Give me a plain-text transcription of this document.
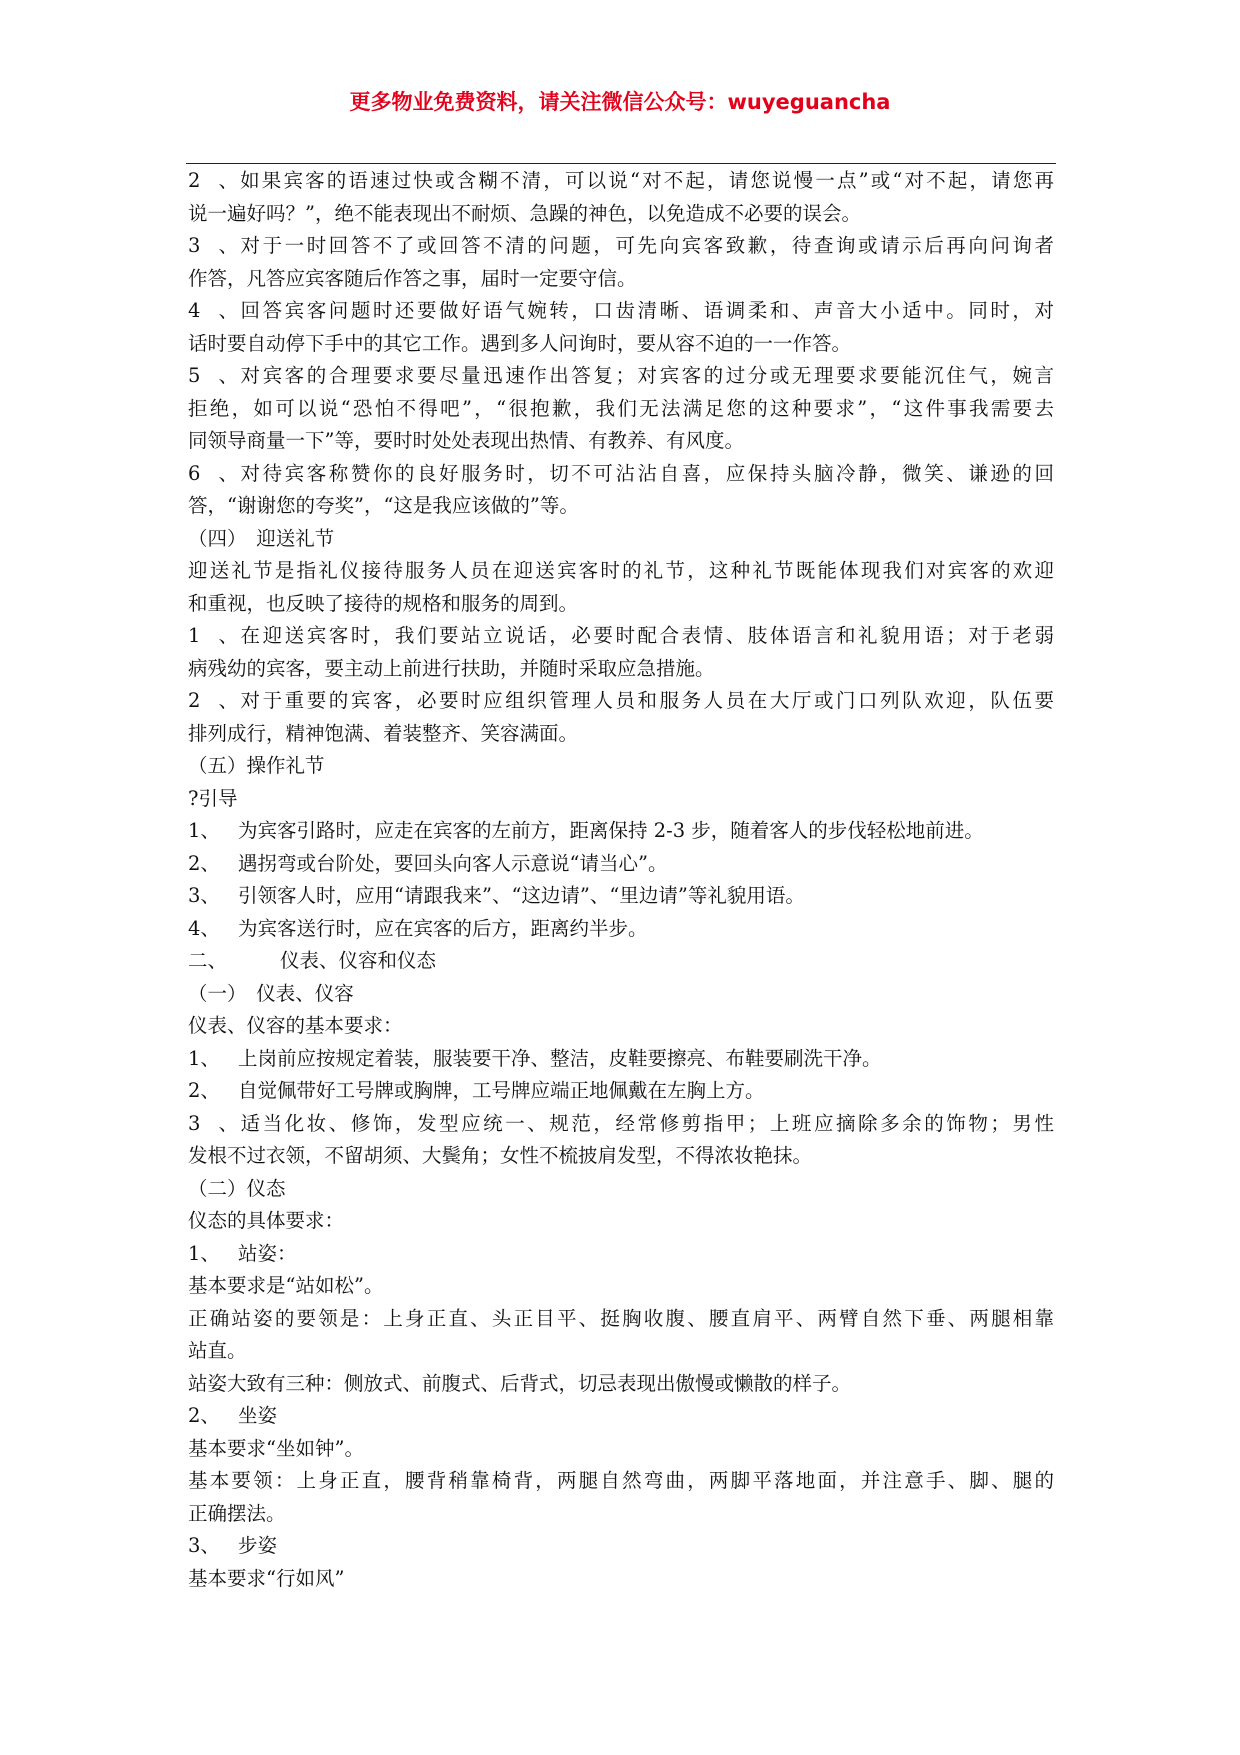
更多物业免费资料，请关注微信公众号：wuyeguancha
2、如果宾客的语速过快或含糊不清，可以说“对不起，请您说慢一点”或“对不起，请您再
说一遍好吗？”，绝不能表现出不耐烦、急躁的神色，以免造成不必要的误会。
3、对于一时回答不了或回答不清的问题，可先向宾客致歉，待查询或请示后再向问询者
作答，凡答应宾客随后作答之事，届时一定要守信。
4、回答宾客问题时还要做好语气婉转，口齿清晰、语调柔和、声音大小适中。同时，对
话时要自动停下手中的其它工作。遇到多人问询时，要从容不迫的一一作答。
5、对宾客的合理要求要尽量迅速作出答复；对宾客的过分或无理要求要能沉住气，婉言
拒绝，如可以说“恐怕不得吧”，“很抱歉，我们无法满足您的这种要求”，“这件事我需要去
同领导商量一下”等，要时时处处表现出热情、有教养、有风度。
6、对待宾客称赞你的良好服务时，切不可沾沾自喜，应保持头脑冷静，微笑、谦逊的回
答，“谢谢您的夸奖”，“这是我应该做的”等。
（四）　迎送礼节
迎送礼节是指礼仪接待服务人员在迎送宾客时的礼节，这种礼节既能体现我们对宾客的欢迎
和重视，也反映了接待的规格和服务的周到。
1、在迎送宾客时，我们要站立说话，必要时配合表情、肢体语言和礼貌用语；对于老弱
病残幼的宾客，要主动上前进行扶助，并随时采取应急措施。
2、对于重要的宾客，必要时应组织管理人员和服务人员在大厅或门口列队欢迎，队伍要
排列成行，精神饱满、着装整齐、笑容满面。
（五）操作礼节
?引导
1、 为宾客引路时，应走在宾客的左前方，距离保持 2-3 步，随着客人的步伐轻松地前进。
2、 遇拐弯或台阶处，要回头向客人示意说“请当心”。
3、 引领客人时，应用“请跟我来”、“这边请”、“里边请”等礼貌用语。
4、 为宾客送行时，应在宾客的后方，距离约半步。
二、	仪表、仪容和仪态
（一）　仪表、仪容
仪表、仪容的基本要求：
1、 上岗前应按规定着装，服装要干净、整洁，皮鞋要擦亮、布鞋要刷洗干净。
2、 自觉佩带好工号牌或胸牌，工号牌应端正地佩戴在左胸上方。
3、适当化妆、修饰，发型应统一、规范，经常修剪指甲；上班应摘除多余的饰物；男性
发根不过衣领，不留胡须、大鬓角；女性不梳披肩发型，不得浓妆艳抹。
（二）仪态
仪态的具体要求：
1、 站姿：
基本要求是“站如松”。
正确站姿的要领是：上身正直、头正目平、挺胸收腹、腰直肩平、两臂自然下垂、两腿相靠
站直。
站姿大致有三种：侧放式、前腹式、后背式，切忌表现出傲慢或懒散的样子。
2、 坐姿
基本要求“坐如钟”。
基本要领：上身正直，腰背稍靠椅背，两腿自然弯曲，两脚平落地面，并注意手、脚、腿的
正确摆法。
3、 步姿
基本要求“行如风”
